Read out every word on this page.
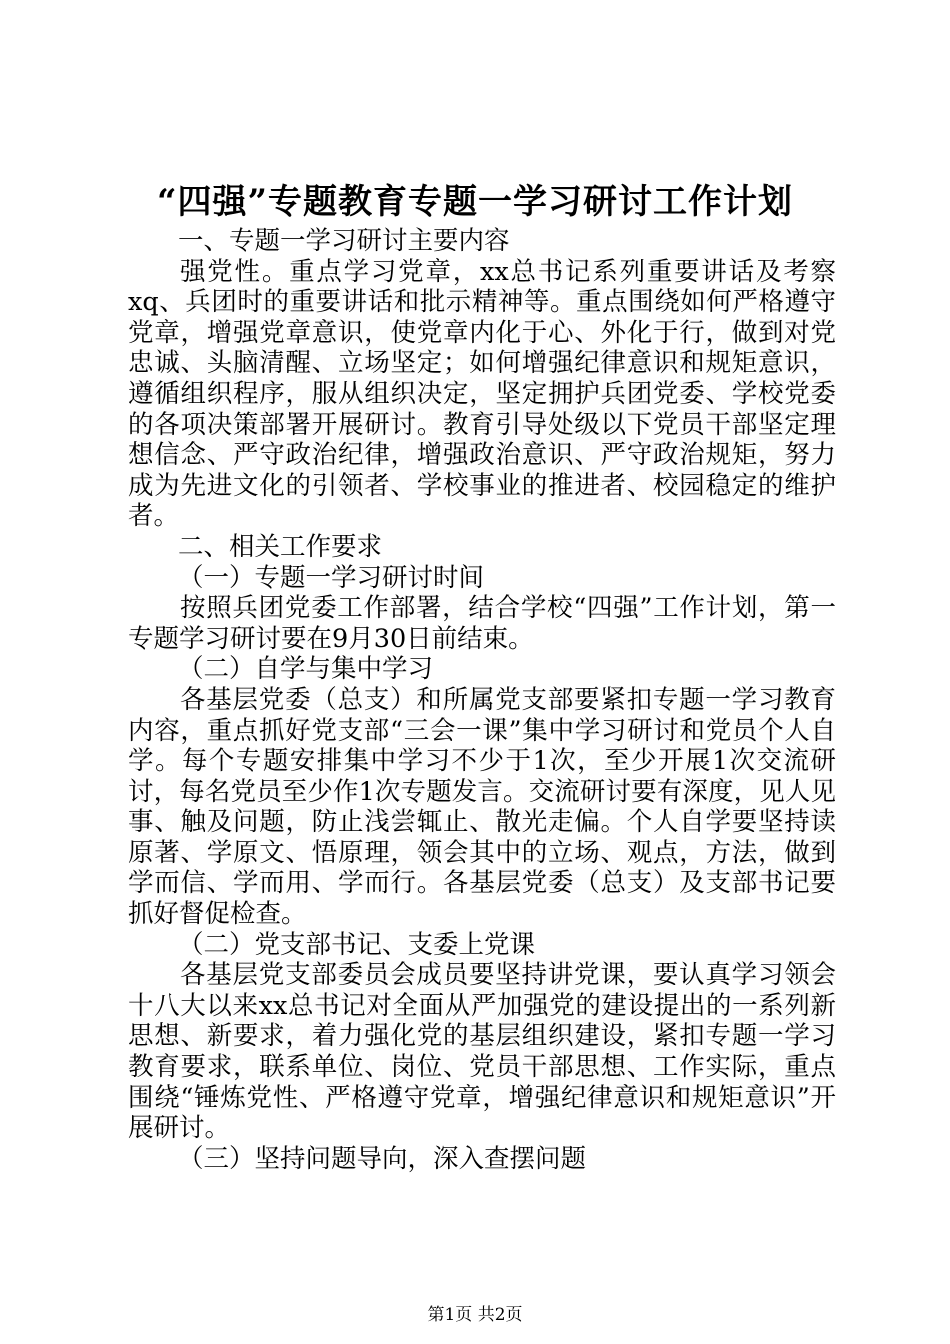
“四强”专题教育专题一学习研讨工作计划

一、专题一学习研讨主要内容

强党性。重点学习党章，xx总书记系列重要讲话及考察xq、兵团时的重要讲话和批示精神等。重点围绕如何严格遵守党章，增强党章意识，使党章内化于心、外化于行，做到对党忠诚、头脑清醒、立场坚定；如何增强纪律意识和规矩意识，遵循组织程序，服从组织决定，坚定拥护兵团党委、学校党委的各项决策部署开展研讨。教育引导处级以下党员干部坚定理想信念、严守政治纪律，增强政治意识、严守政治规矩，努力成为先进文化的引领者、学校事业的推进者、校园稳定的维护者。

二、相关工作要求

（一）专题一学习研讨时间

按照兵团党委工作部署，结合学校“四强”工作计划，第一专题学习研讨要在9月30日前结束。

（二）自学与集中学习

各基层党委（总支）和所属党支部要紧扣专题一学习教育内容，重点抓好党支部“三会一课”集中学习研讨和党员个人自学。每个专题安排集中学习不少于1次，至少开展1次交流研讨，每名党员至少作1次专题发言。交流研讨要有深度，见人见事、触及问题，防止浅尝辄止、散光走偏。个人自学要坚持读原著、学原文、悟原理，领会其中的立场、观点，方法，做到学而信、学而用、学而行。各基层党委（总支）及支部书记要抓好督促检查。

（二）党支部书记、支委上党课

各基层党支部委员会成员要坚持讲党课，要认真学习领会十八大以来xx总书记对全面从严加强党的建设提出的一系列新思想、新要求，着力强化党的基层组织建设，紧扣专题一学习教育要求，联系单位、岗位、党员干部思想、工作实际，重点围绕“锤炼党性、严格遵守党章，增强纪律意识和规矩意识”开展研讨。

（三）坚持问题导向，深入查摆问题

第1页 共2页
